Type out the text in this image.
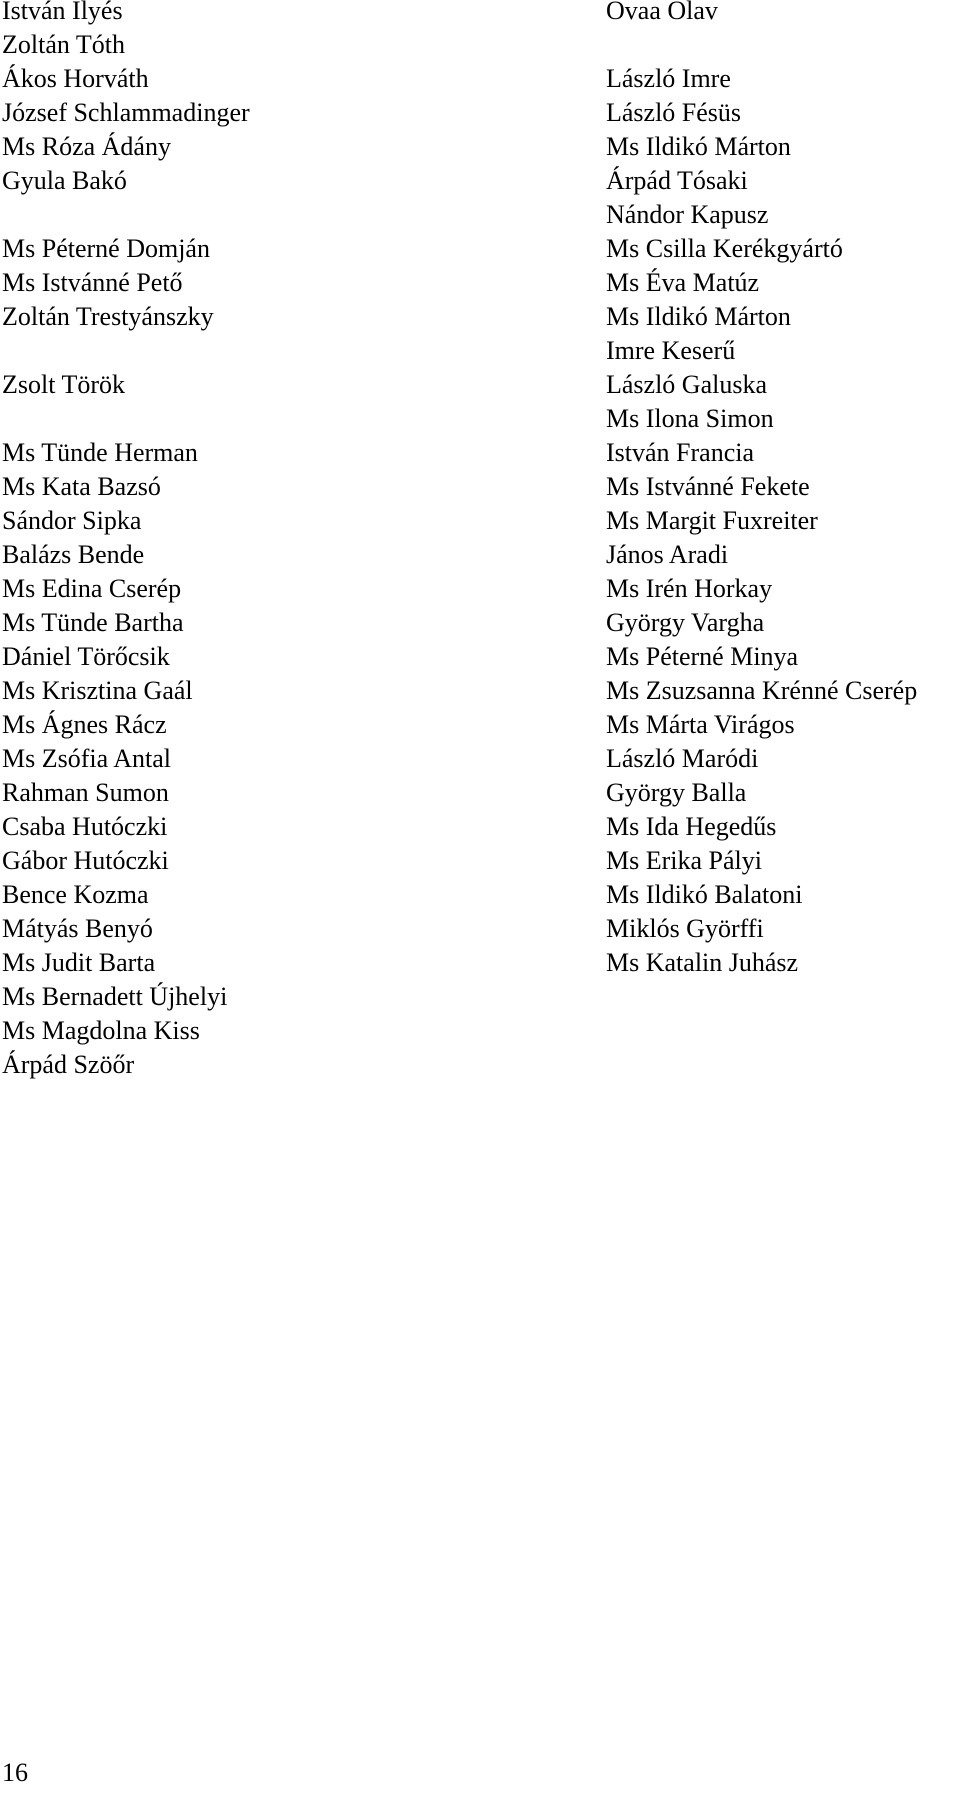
István Ilyés
Zoltán Tóth
Ákos Horváth
József Schlammadinger
Ms Róza Ádány
Gyula Bakó
Ms Péterné Domján
Ms Istvánné Pető
Zoltán Trestyánszky
Zsolt Török
Ms Tünde Herman
Ms Kata Bazsó
Sándor Sipka
Balázs Bende
Ms Edina Cserép
Ms Tünde Bartha
Dániel Törőcsik
Ms Krisztina Gaál
Ms Ágnes Rácz
Ms Zsófia Antal
Rahman Sumon
Csaba Hutóczki
Gábor Hutóczki
Bence Kozma
Mátyás Benyó
Ms Judit Barta
Ms Bernadett Újhelyi
Ms Magdolna Kiss
Árpád Szöőr
Ovaa Olav
László Imre
László Fésüs
Ms Ildikó Márton
Árpád Tósaki
Nándor Kapusz
Ms Csilla Kerékgyártó
Ms Éva Matúz
Ms Ildikó Márton
Imre Keserű
László Galuska
Ms Ilona Simon
István Francia
Ms Istvánné Fekete
Ms Margit Fuxreiter
János Aradi
Ms Irén Horkay
György Vargha
Ms Péterné Minya
Ms Zsuzsanna Krénné Cserép
Ms Márta Virágos
László Maródi
György Balla
Ms Ida Hegedűs
Ms Erika Pályi
Ms Ildikó Balatoni
Miklós Györffi
Ms Katalin Juhász
16
